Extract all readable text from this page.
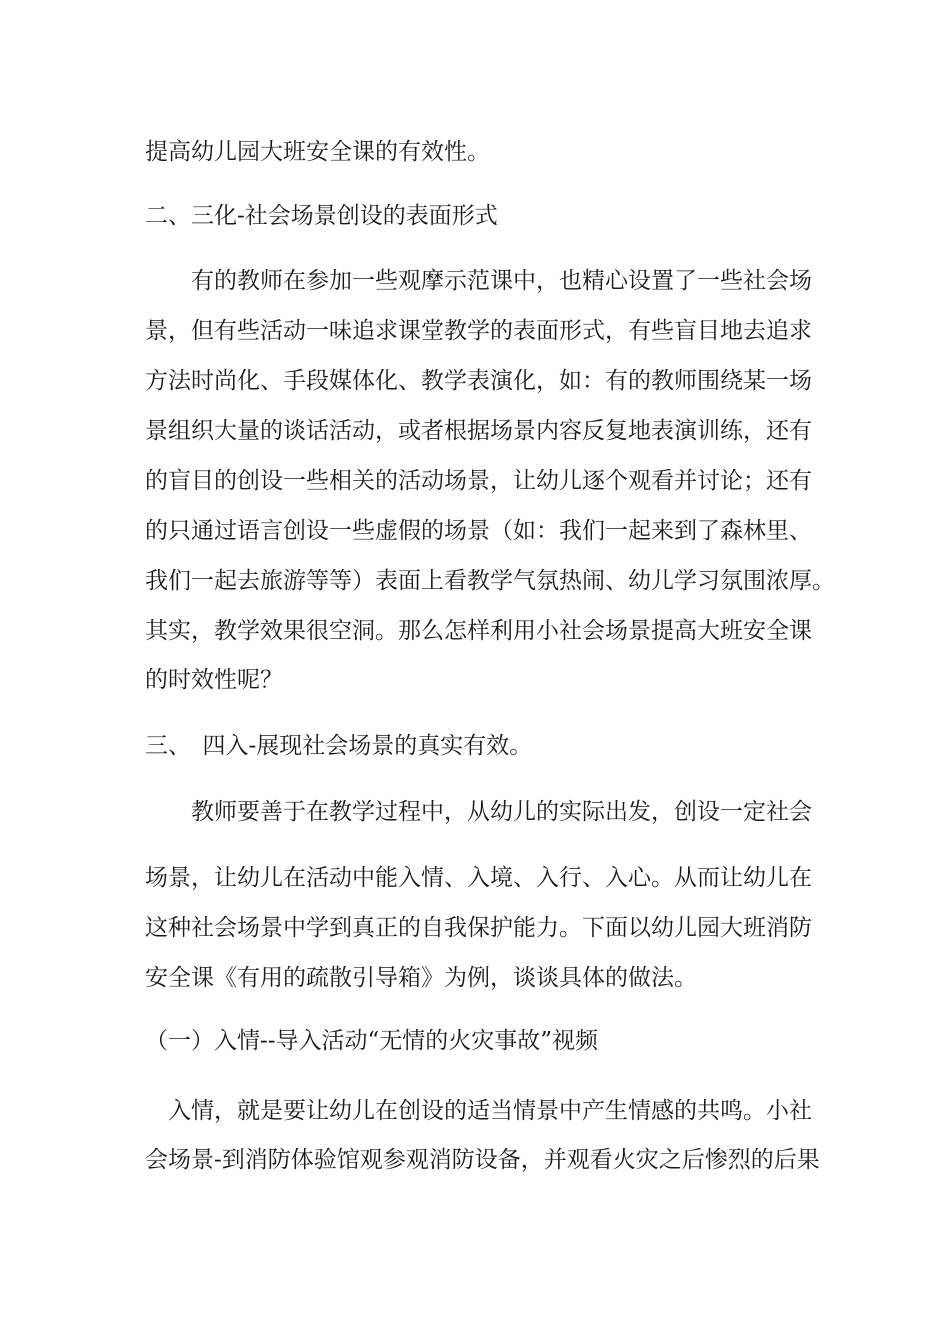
提高幼儿园大班安全课的有效性。

二、三化-社会场景创设的表面形式

　　有的教师在参加一些观摩示范课中，也精心设置了一些社会场

景，但有些活动一味追求课堂教学的表面形式，有些盲目地去追求

方法时尚化、手段媒体化、教学表演化，如：有的教师围绕某一场

景组织大量的谈话活动，或者根据场景内容反复地表演训练，还有

的盲目的创设一些相关的活动场景，让幼儿逐个观看并讨论；还有

的只通过语言创设一些虚假的场景（如：我们一起来到了森林里、

我们一起去旅游等等）表面上看教学气氛热闹、幼儿学习氛围浓厚。

其实，教学效果很空洞。那么怎样利用小社会场景提高大班安全课

的时效性呢？

三、　四入-展现社会场景的真实有效。

　　教师要善于在教学过程中，从幼儿的实际出发，创设一定社会

场景，让幼儿在活动中能入情、入境、入行、入心。从而让幼儿在

这种社会场景中学到真正的自我保护能力。下面以幼儿园大班消防

安全课《有用的疏散引导箱》为例，谈谈具体的做法。

（一）入情--导入活动“无情的火灾事故”视频

　入情，就是要让幼儿在创设的适当情景中产生情感的共鸣。小社

会场景-到消防体验馆观参观消防设备，并观看火灾之后惨烈的后果
